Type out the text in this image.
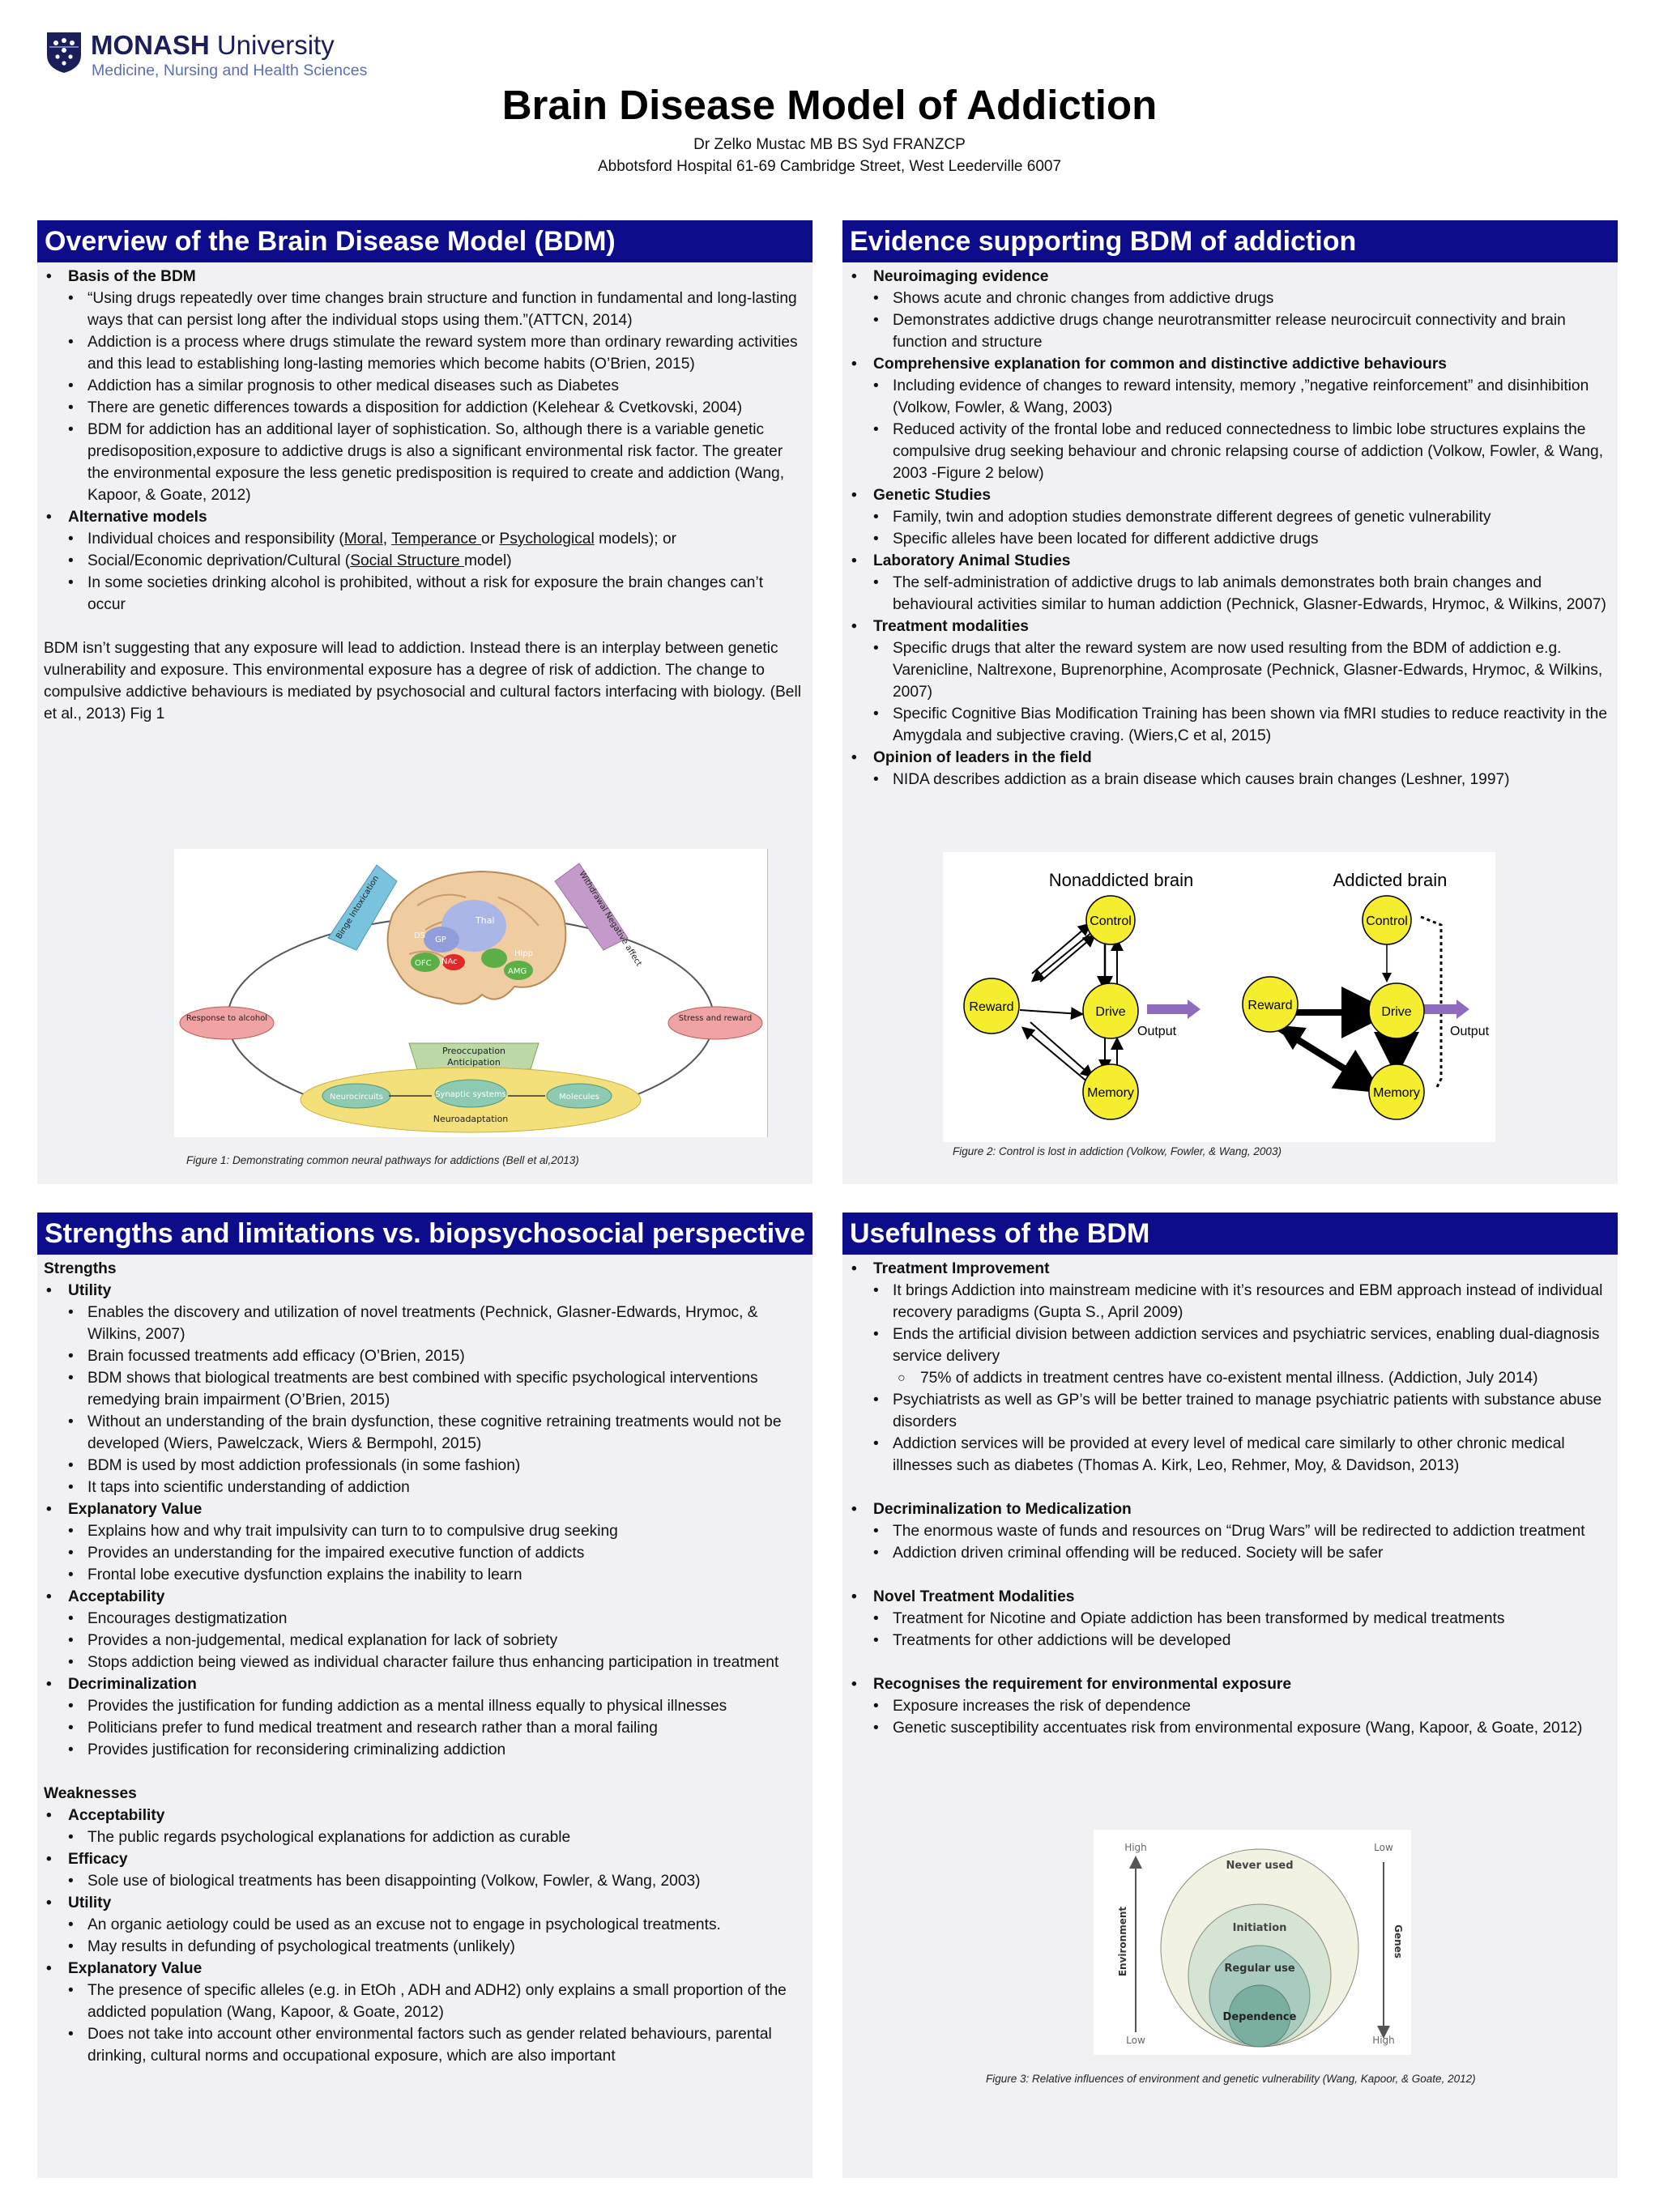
MONASH University
Medicine, Nursing and Health Sciences
Brain Disease Model of Addiction
Dr Zelko Mustac MB BS Syd FRANZCP
Abbotsford Hospital 61-69 Cambridge Street, West Leederville 6007
Overview of the Brain Disease Model (BDM)
• Basis of the BDM
• “Using drugs repeatedly over time changes brain structure and function in fundamental and long-lasting ways that can persist long after the individual stops using them.”(ATTCN, 2014)
• Addiction is a process where drugs stimulate the reward system more than ordinary rewarding activities and this lead to establishing long-lasting memories which become habits (O’Brien, 2015)
• Addiction has a similar prognosis to other medical diseases such as Diabetes
• There are genetic differences towards a disposition for addiction (Kelehear & Cvetkovski, 2004)
• BDM for addiction has an additional layer of sophistication. So, although there is a variable genetic predisoposition,exposure to addictive drugs is also a significant environmental risk factor. The greater the environmental exposure the less genetic predisposition is required to create and addiction (Wang, Kapoor, & Goate, 2012)
• Alternative models
• Individual choices and responsibility (Moral, Temperance or Psychological models); or
• Social/Economic deprivation/Cultural (Social Structure model)
• In some societies drinking alcohol is prohibited, without a risk for exposure the brain changes can’t occur
BDM isn’t suggesting that any exposure will lead to addiction. Instead there is an interplay between genetic vulnerability and exposure. This environmental exposure has a degree of risk of addiction. The change to compulsive addictive behaviours is mediated by psychosocial and cultural factors interfacing with biology. (Bell et al., 2013) Fig 1
Thal
DS GP
NAc
OFC
Hipp
AMG
Binge Intoxication	Withdrawal Negative affect
Response to alcohol	Stress and reward
Preoccupation
Anticipation
Neurocircuits	Synaptic systems	Molecules
Neuroadaptation
Figure 1: Demonstrating common neural pathways for addictions (Bell et al,2013)
Evidence supporting BDM of addiction
• Neuroimaging evidence
• Shows acute and chronic changes from addictive drugs
• Demonstrates addictive drugs change neurotransmitter release neurocircuit connectivity and brain function and structure
• Comprehensive explanation for common and distinctive addictive behaviours
• Including evidence of changes to reward intensity, memory ,”negative reinforcement” and disinhibition (Volkow, Fowler, & Wang, 2003)
• Reduced activity of the frontal lobe and reduced connectedness to limbic lobe structures explains the compulsive drug seeking behaviour and chronic relapsing course of addiction (Volkow, Fowler, & Wang, 2003 -Figure 2 below)
• Genetic Studies
• Family, twin and adoption studies demonstrate different degrees of genetic vulnerability
• Specific alleles have been located for different addictive drugs
• Laboratory Animal Studies
• The self-administration of addictive drugs to lab animals demonstrates both brain changes and behavioural activities similar to human addiction (Pechnick, Glasner-Edwards, Hrymoc, & Wilkins, 2007)
• Treatment modalities
• Specific drugs that alter the reward system are now used resulting from the BDM of addiction e.g. Varenicline, Naltrexone, Buprenorphine, Acomprosate (Pechnick, Glasner-Edwards, Hrymoc, & Wilkins, 2007)
• Specific Cognitive Bias Modification Training has been shown via fMRI studies to reduce reactivity in the Amygdala and subjective craving. (Wiers,C et al, 2015)
• Opinion of leaders in the field
• NIDA describes addiction as a brain disease which causes brain changes (Leshner, 1997)
Nonaddicted brain	Addicted brain
Control
Reward	Drive
Memory
Output
Control
Reward	Drive
Memory
Output
Figure 2: Control is lost in addiction (Volkow, Fowler, & Wang, 2003)
Strengths and limitations vs. biopsychosocial perspective
Strengths
• Utility
• Enables the discovery and utilization of novel treatments (Pechnick, Glasner-Edwards, Hrymoc, & Wilkins, 2007)
• Brain focussed treatments add efficacy (O’Brien, 2015)
• BDM shows that biological treatments are best combined with specific psychological interventions remedying brain impairment (O’Brien, 2015)
• Without an understanding of the brain dysfunction, these cognitive retraining treatments would not be developed (Wiers, Pawelczack, Wiers & Bermpohl, 2015)
• BDM is used by most addiction professionals (in some fashion)
• It taps into scientific understanding of addiction
• Explanatory Value
• Explains how and why trait impulsivity can turn to to compulsive drug seeking
• Provides an understanding for the impaired executive function of addicts
• Frontal lobe executive dysfunction explains the inability to learn
• Acceptability
• Encourages destigmatization
• Provides a non-judgemental, medical explanation for lack of sobriety
• Stops addiction being viewed as individual character failure thus enhancing participation in treatment
• Decriminalization
• Provides the justification for funding addiction as a mental illness equally to physical illnesses
• Politicians prefer to fund medical treatment and research rather than a moral failing
• Provides justification for reconsidering criminalizing addiction
Weaknesses
• Acceptability
• The public regards psychological explanations for addiction as curable
• Efficacy
• Sole use of biological treatments has been disappointing (Volkow, Fowler, & Wang, 2003)
• Utility
• An organic aetiology could be used as an excuse not to engage in psychological treatments.
• May results in defunding of psychological treatments (unlikely)
• Explanatory Value
• The presence of specific alleles (e.g. in EtOh , ADH and ADH2) only explains a small proportion of the addicted population (Wang, Kapoor, & Goate, 2012)
• Does not take into account other environmental factors such as gender related behaviours, parental drinking, cultural norms and occupational exposure, which are also important
Usefulness of the BDM
• Treatment Improvement
• It brings Addiction into mainstream medicine with it’s resources and EBM approach instead of individual recovery paradigms (Gupta S., April 2009)
• Ends the artificial division between addiction services and psychiatric services, enabling dual-diagnosis service delivery
○ 75% of addicts in treatment centres have co-existent mental illness. (Addiction, July 2014)
• Psychiatrists as well as GP’s will be better trained to manage psychiatric patients with substance abuse disorders
• Addiction services will be provided at every level of medical care similarly to other chronic medical illnesses such as diabetes (Thomas A. Kirk, Leo, Rehmer, Moy, & Davidson, 2013)
• Decriminalization to Medicalization
• The enormous waste of funds and resources on “Drug Wars” will be redirected to addiction treatment
• Addiction driven criminal offending will be reduced. Society will be safer
• Novel Treatment Modalities
• Treatment for Nicotine and Opiate addiction has been transformed by medical treatments
• Treatments for other addictions will be developed
• Recognises the requirement for environmental exposure
• Exposure increases the risk of dependence
• Genetic susceptibility accentuates risk from environmental exposure (Wang, Kapoor, & Goate, 2012)
High
Low
Low
High
Environment	Genes
Never used
Initiation
Regular use
Dependence
Figure 3: Relative influences of environment and genetic vulnerability (Wang, Kapoor, & Goate, 2012)
